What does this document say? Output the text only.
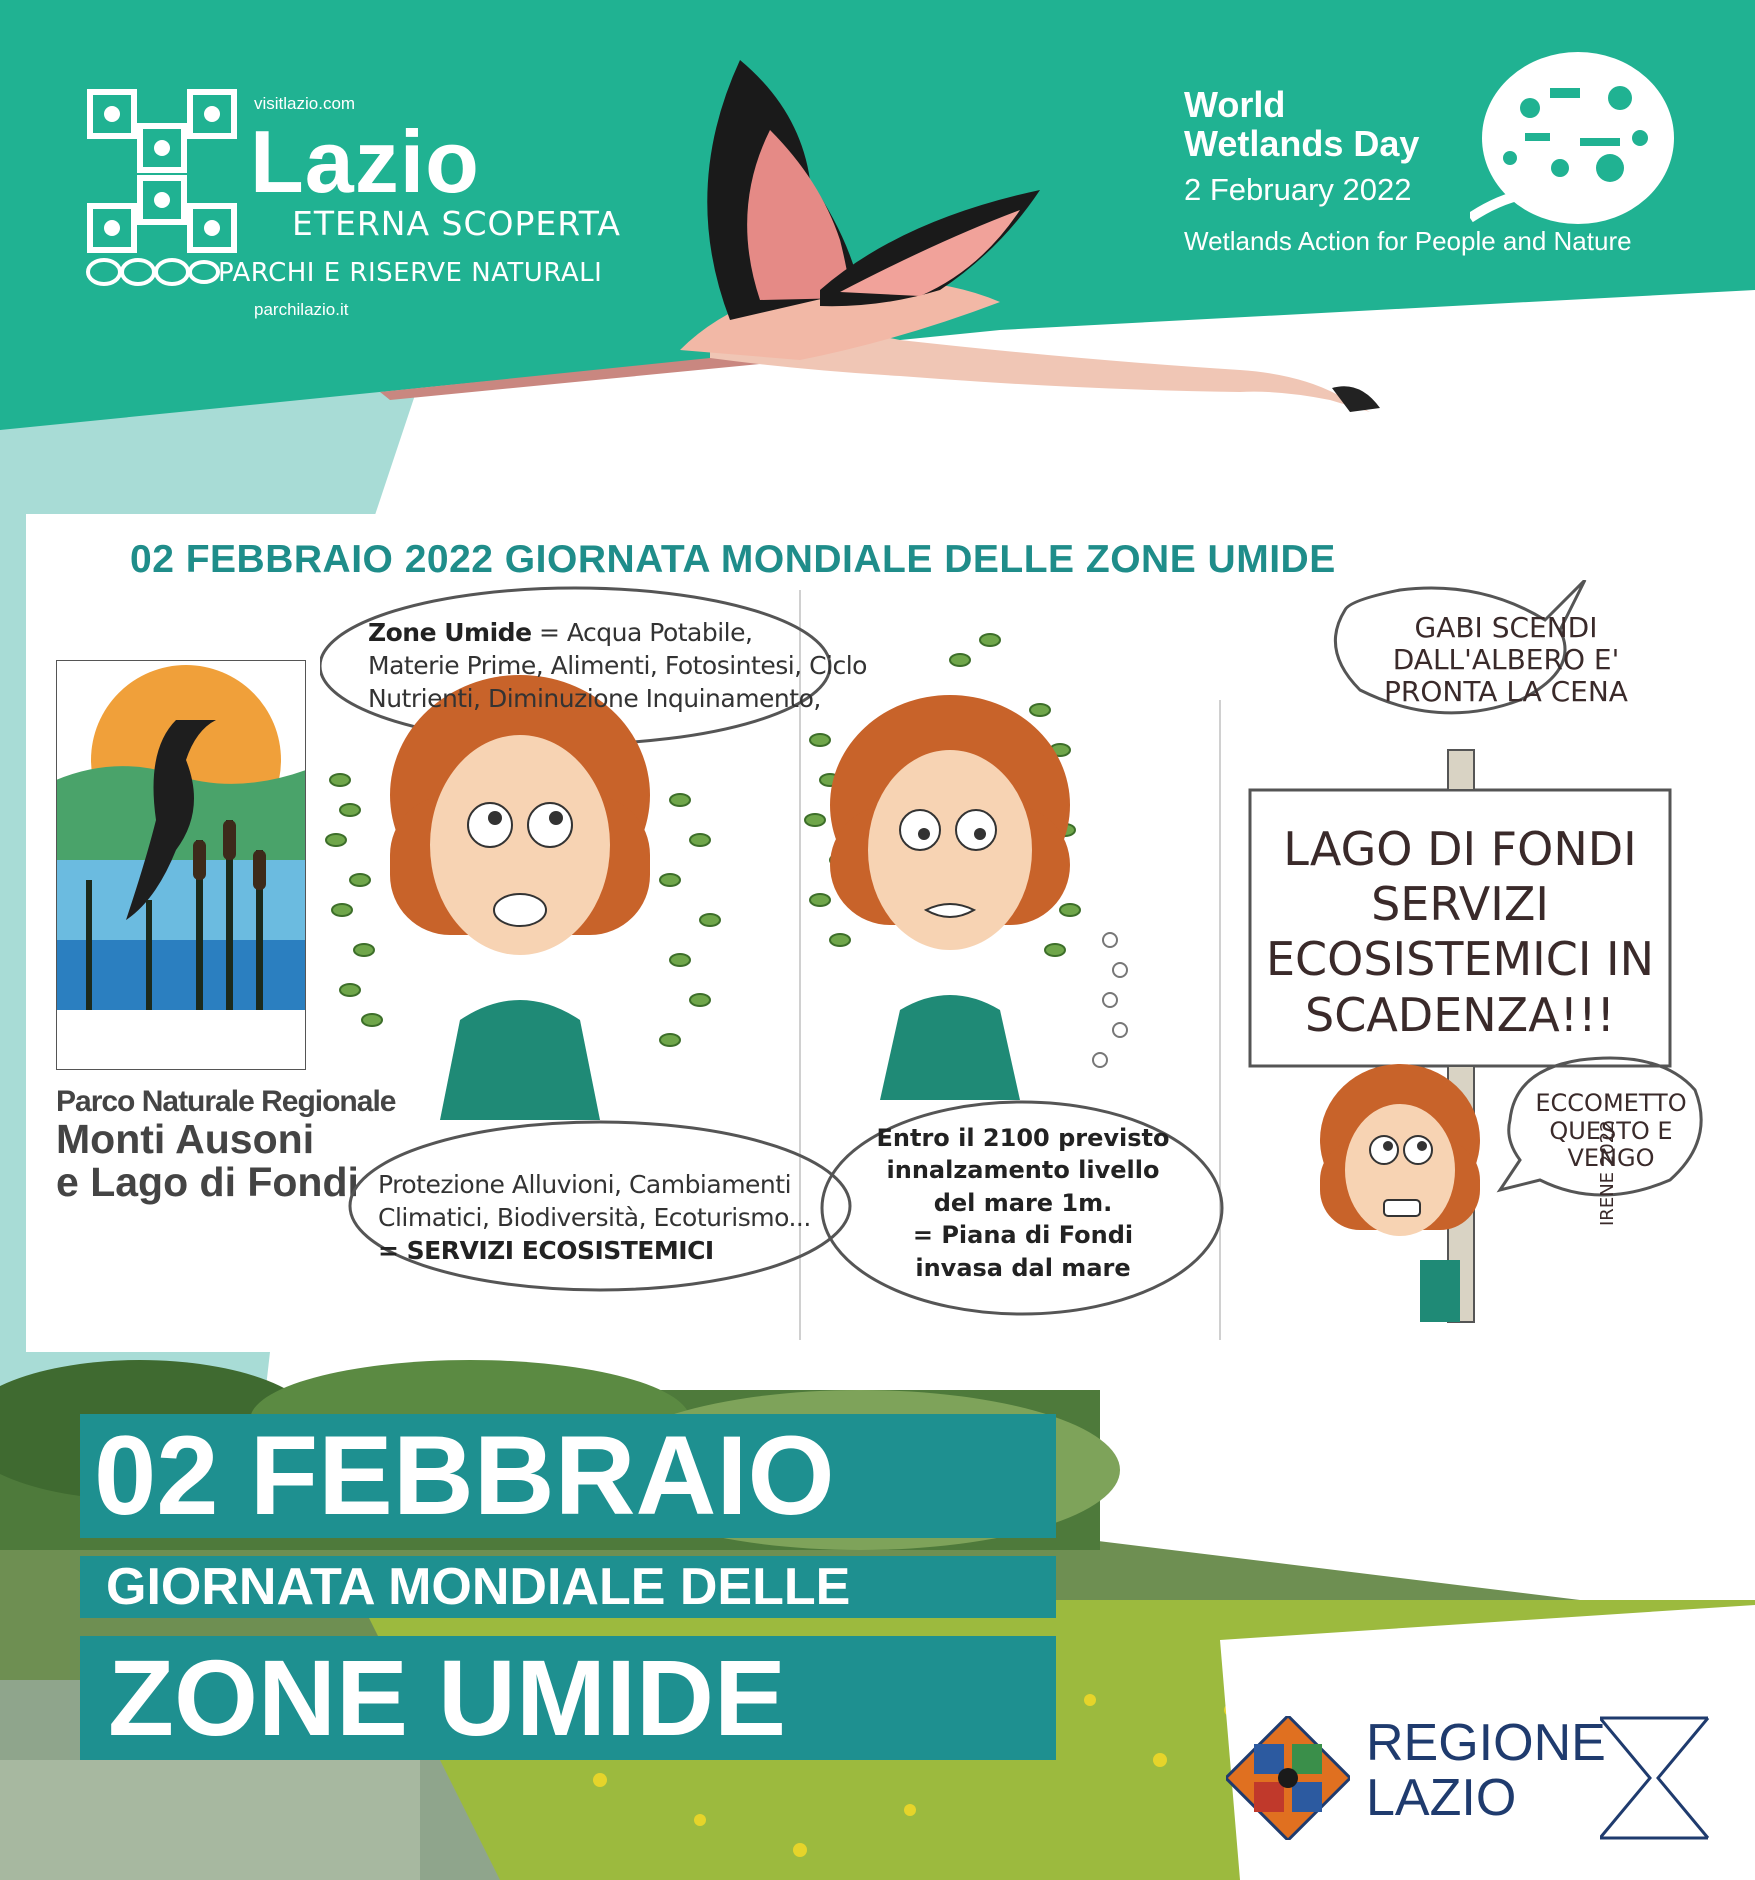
visitlazio.com
Lazio
ETERNA SCOPERTA
PARCHI E RISERVE NATURALI
parchilazio.it
World
Wetlands Day
2 February 2022
Wetlands Action for People and Nature
02 FEBBRAIO 2022 GIORNATA MONDIALE DELLE ZONE UMIDE
Parco Naturale Regionale
Monti Ausoni
e Lago di Fondi
Zone Umide = Acqua Potabile,
Materie Prime, Alimenti, Fotosintesi, Ciclo
Nutrienti, Diminuzione Inquinamento,
Protezione Alluvioni, Cambiamenti
Climatici, Biodiversità, Ecoturismo...
= SERVIZI ECOSISTEMICI
Entro il 2100 previsto
innalzamento livello
del mare 1m.
= Piana di Fondi
invasa dal mare
GABI SCENDI
DALL'ALBERO E'
PRONTA LA CENA
LAGO DI FONDI
SERVIZI
ECOSISTEMICI IN
SCADENZA!!!
ECCOMETTO
QUESTO E
VENGO
IRENE 2022
02 FEBBRAIO
GIORNATA MONDIALE DELLE
ZONE UMIDE	REGIONE
LAZIO
